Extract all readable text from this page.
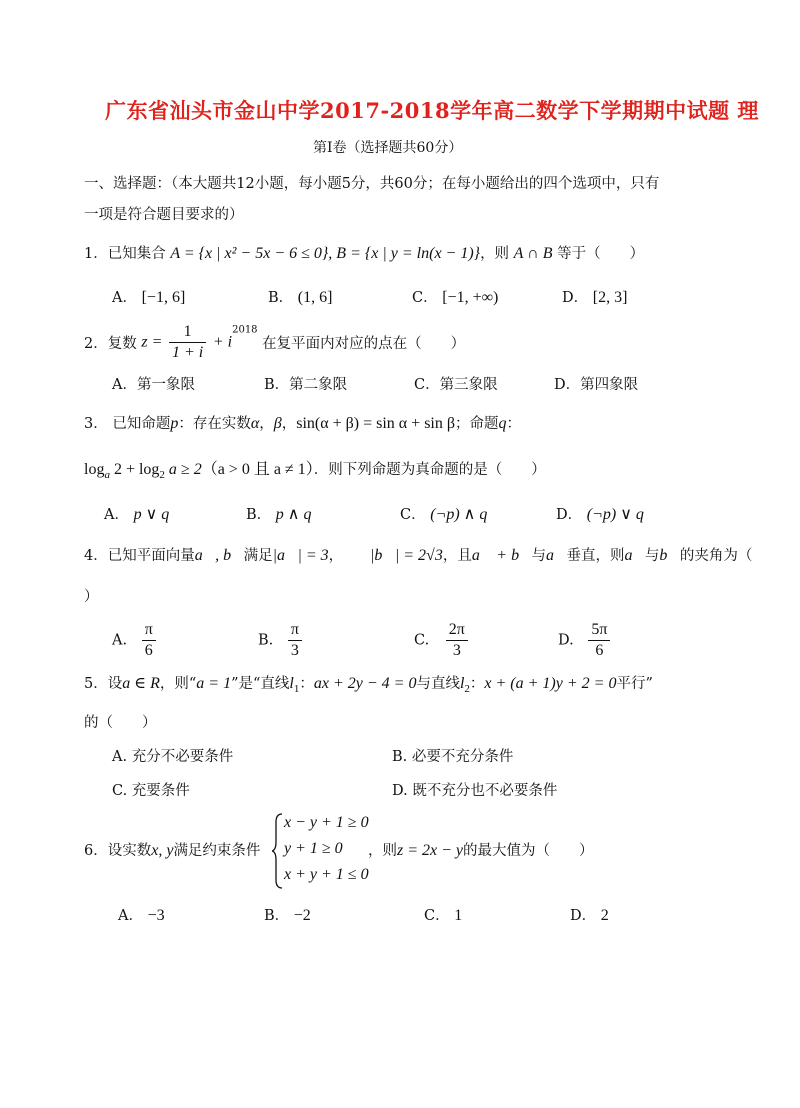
广东省汕头市金山中学2017-2018学年高二数学下学期期中试题 理
第Ⅰ卷（选择题共60分）
一、选择题：（本大题共12小题，每小题5分，共60分；在每小题给出的四个选项中，只有
一项是符合题目要求的）
1．已知集合 A = {x | x² − 5x − 6 ≤ 0}, B = {x | y = ln(x − 1)}，则 A ∩ B 等于（　　）
A． [−1, 6]	B． (1, 6]	C． [−1, +∞)	D． [2, 3]
2．复数 $z = \frac{1}{1 + i} + i^{2018}$ 在复平面内对应的点在（　　）
A．第一象限	B．第二象限	C．第三象限	D．第四象限
3． 已知命题p：存在实数α，β，sin(α + β) = sin α + sin β；命题q：
$\log_a 2 + \log_2 a \ge 2(a > 0$ 且 a ≠ 1）．则下列命题为真命题的是（　　）
A． p ∨ q	B． p ∧ q	C． (¬p) ∧ q	D． (¬p) ∨ q
4．已知平面向量a⃗, b⃗满足|a⃗| = 3， |b⃗| = 2√3，且a⃗ + b⃗与a⃗垂直，则a⃗与b⃗的夹角为（
）
A. $\frac{\pi}{6}$	B. $\frac{\pi}{3}$	C. $\frac{2\pi}{3}$	D. $\frac{5\pi}{6}$
5．设a ∈ R，则“a = 1”是“直线$l_1$：ax + 2y − 4 = 0与直线$l_2$：x + (a + 1)y + 2 = 0平行”
的（　　）
A. 充分不必要条件	B. 必要不充分条件
C. 充要条件	D. 既不充分也不必要条件
6．设实数x, y满足约束条件
x − y + 1 ≥ 0
y + 1 ≥ 0
x + y + 1 ≤ 0
，则z = 2x − y的最大值为（　　）
A． −3	B． −2	C． 1	D． 2
